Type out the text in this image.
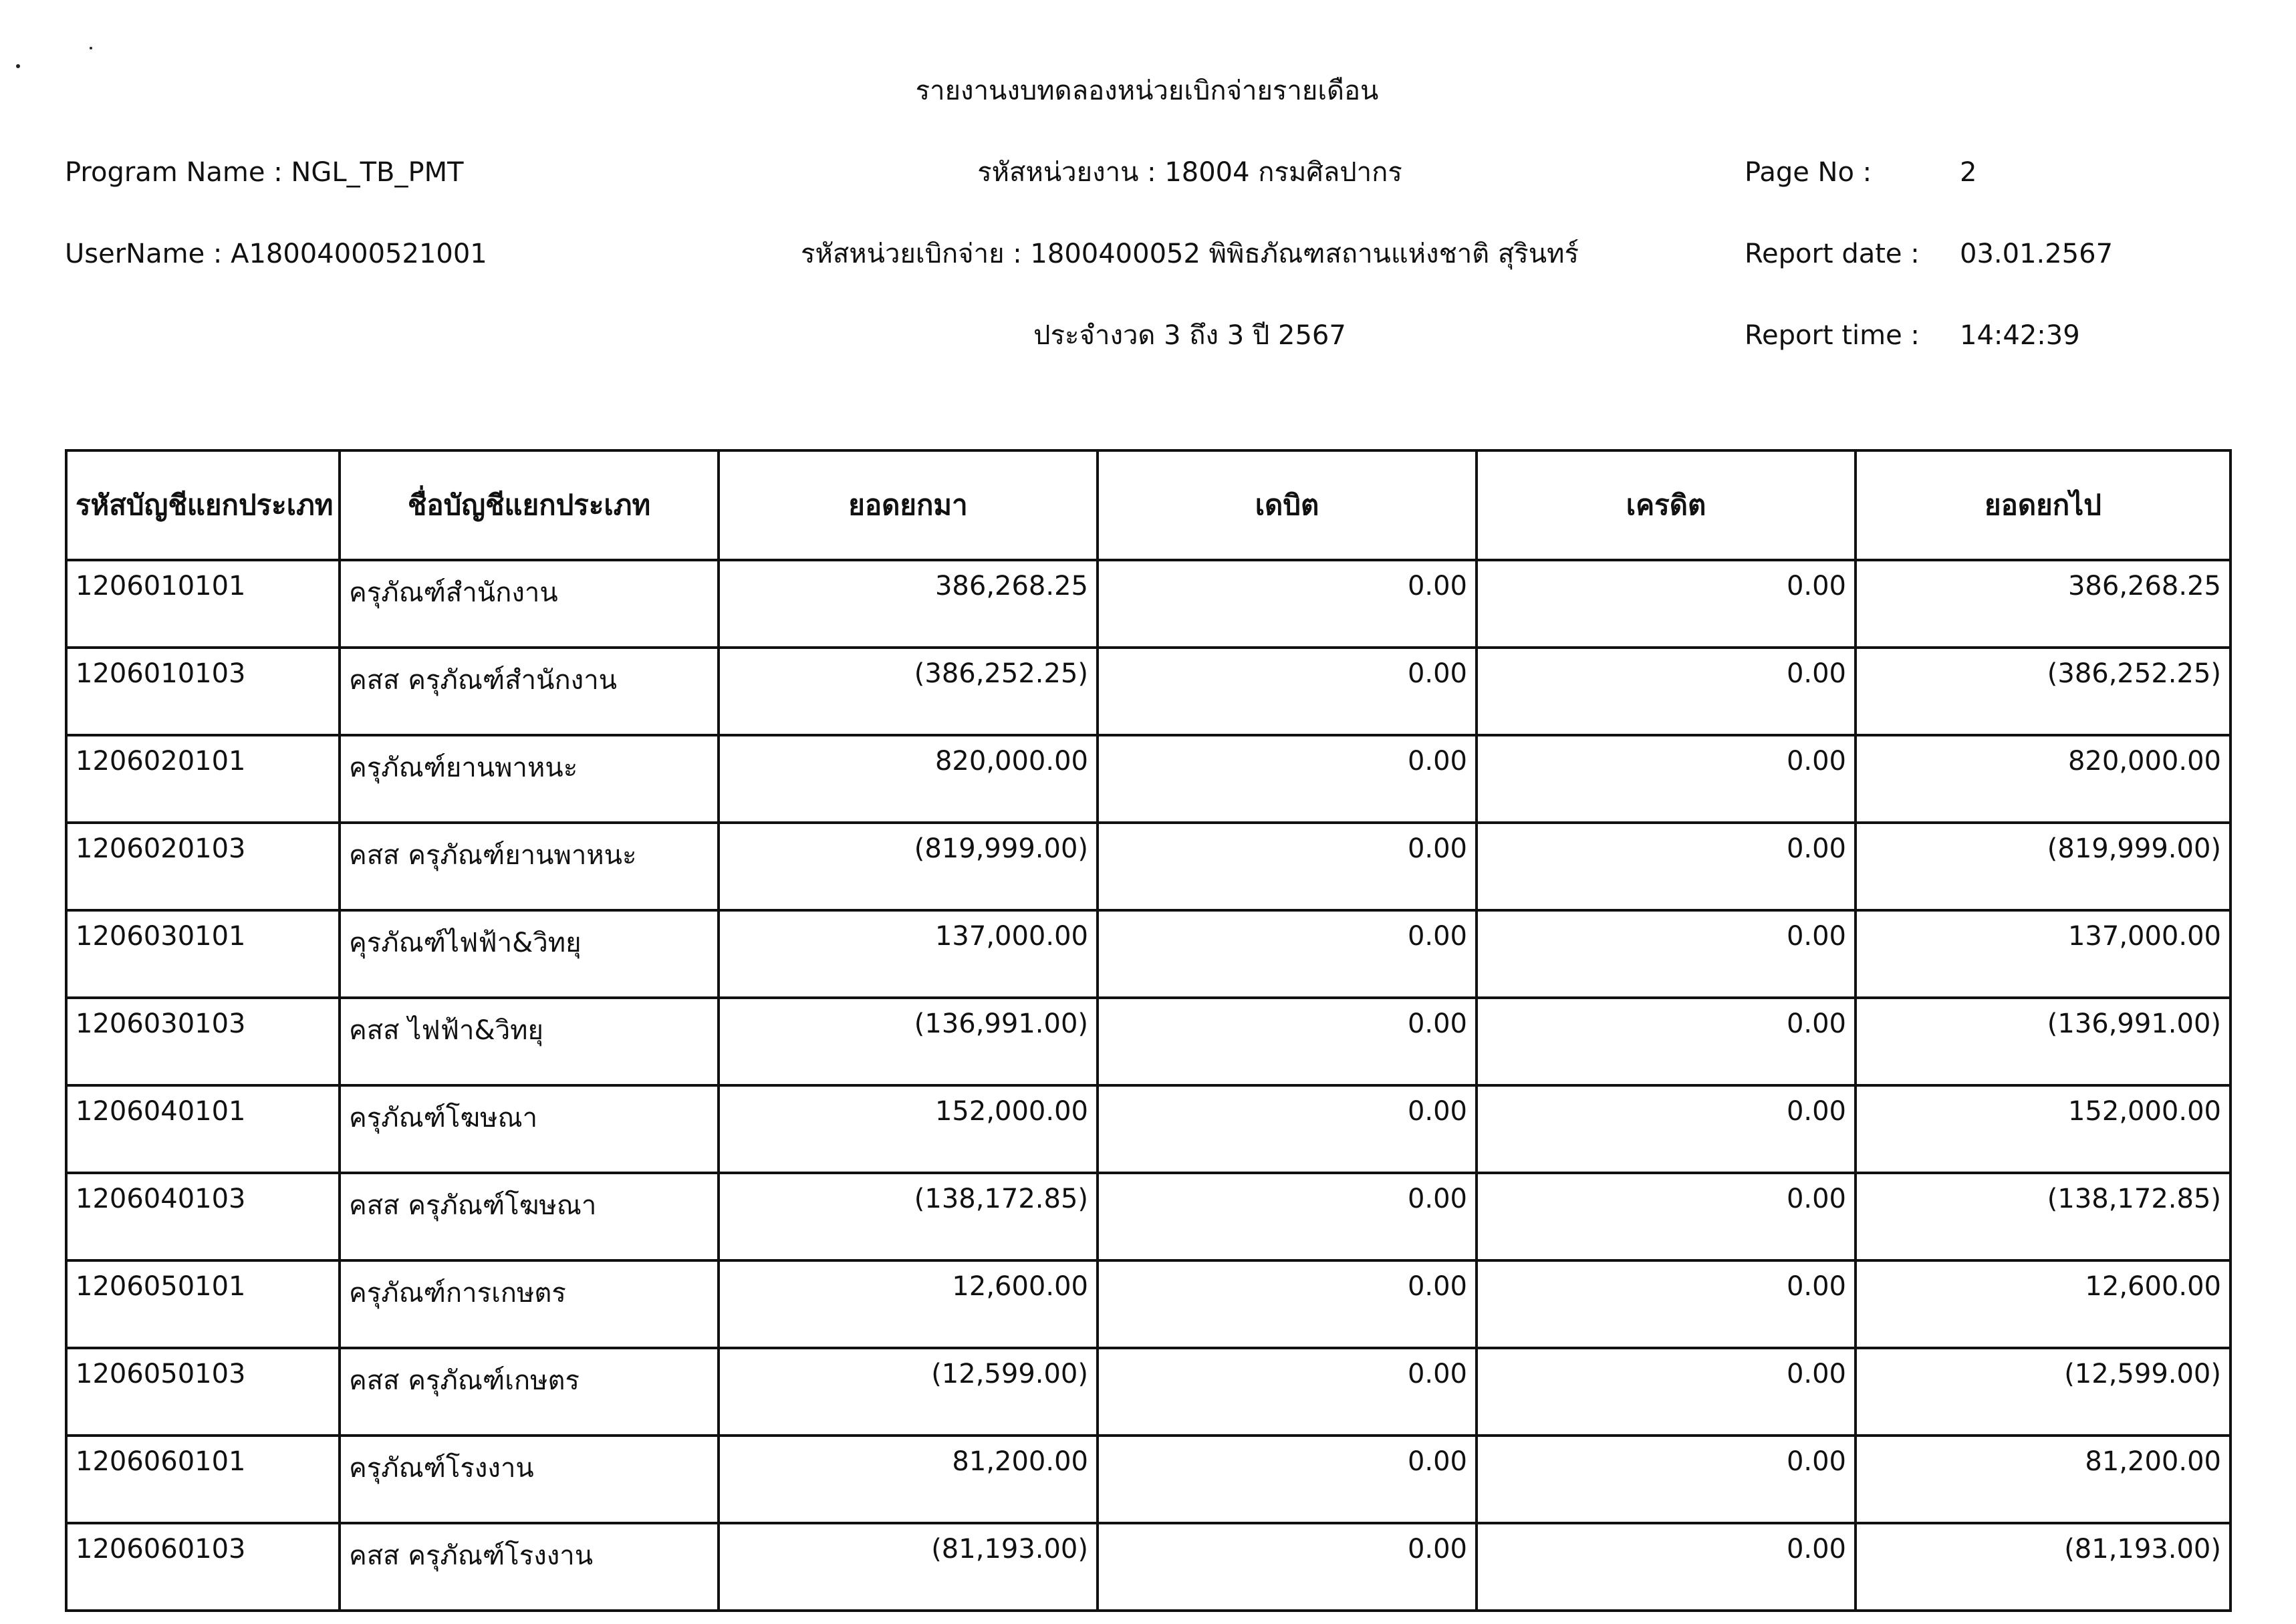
รายงานงบทดลองหน่วยเบิกจ่ายรายเดือน
Program Name : NGL_TB_PMT	รหัสหน่วยงาน : 18004 กรมศิลปากร	Page No :	2
UserName : A18004000521001	รหัสหน่วยเบิกจ่าย : 1800400052 พิพิธภัณฑสถานแห่งชาติ สุรินทร์	Report date : 03.01.2567
ประจำงวด 3 ถึง 3 ปี 2567	Report time : 14:42:39
รหัสบัญชีแยกประเภท	ชื่อบัญชีแยกประเภท	ยอดยกมา	เดบิต	เครดิต	ยอดยกไป
1206010101	ครุภัณฑ์สำนักงาน	386,268.25	0.00	0.00	386,268.25
1206010103	คสส ครุภัณฑ์สำนักงาน	(386,252.25)	0.00	0.00	(386,252.25)
1206020101	ครุภัณฑ์ยานพาหนะ	820,000.00	0.00	0.00	820,000.00
1206020103	คสส ครุภัณฑ์ยานพาหนะ	(819,999.00)	0.00	0.00	(819,999.00)
1206030101	คุรภัณฑ์ไฟฟ้า&วิทยุ	137,000.00	0.00	0.00	137,000.00
1206030103	คสส ไฟฟ้า&วิทยุ	(136,991.00)	0.00	0.00	(136,991.00)
1206040101	ครุภัณฑ์โฆษณา	152,000.00	0.00	0.00	152,000.00
1206040103	คสส ครุภัณฑ์โฆษณา	(138,172.85)	0.00	0.00	(138,172.85)
1206050101	ครุภัณฑ์การเกษตร	12,600.00	0.00	0.00	12,600.00
1206050103	คสส ครุภัณฑ์เกษตร	(12,599.00)	0.00	0.00	(12,599.00)
1206060101	ครุภัณฑ์โรงงาน	81,200.00	0.00	0.00	81,200.00
1206060103	คสส ครุภัณฑ์โรงงาน	(81,193.00)	0.00	0.00	(81,193.00)
